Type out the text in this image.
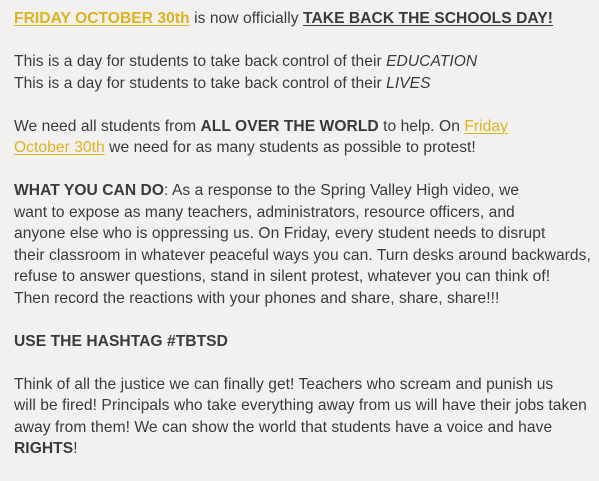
FRIDAY OCTOBER 30th is now officially TAKE BACK THE SCHOOLS DAY!

This is a day for students to take back control of their EDUCATION
This is a day for students to take back control of their LIVES

We need all students from ALL OVER THE WORLD to help. On Friday
October 30th we need for as many students as possible to protest!

WHAT YOU CAN DO: As a response to the Spring Valley High video, we
want to expose as many teachers, administrators, resource officers, and
anyone else who is oppressing us. On Friday, every student needs to disrupt
their classroom in whatever peaceful ways you can. Turn desks around backwards,
refuse to answer questions, stand in silent protest, whatever you can think of!
Then record the reactions with your phones and share, share, share!!!

USE THE HASHTAG #TBTSD

Think of all the justice we can finally get! Teachers who scream and punish us
will be fired! Principals who take everything away from us will have their jobs taken
away from them! We can show the world that students have a voice and have
RIGHTS!
